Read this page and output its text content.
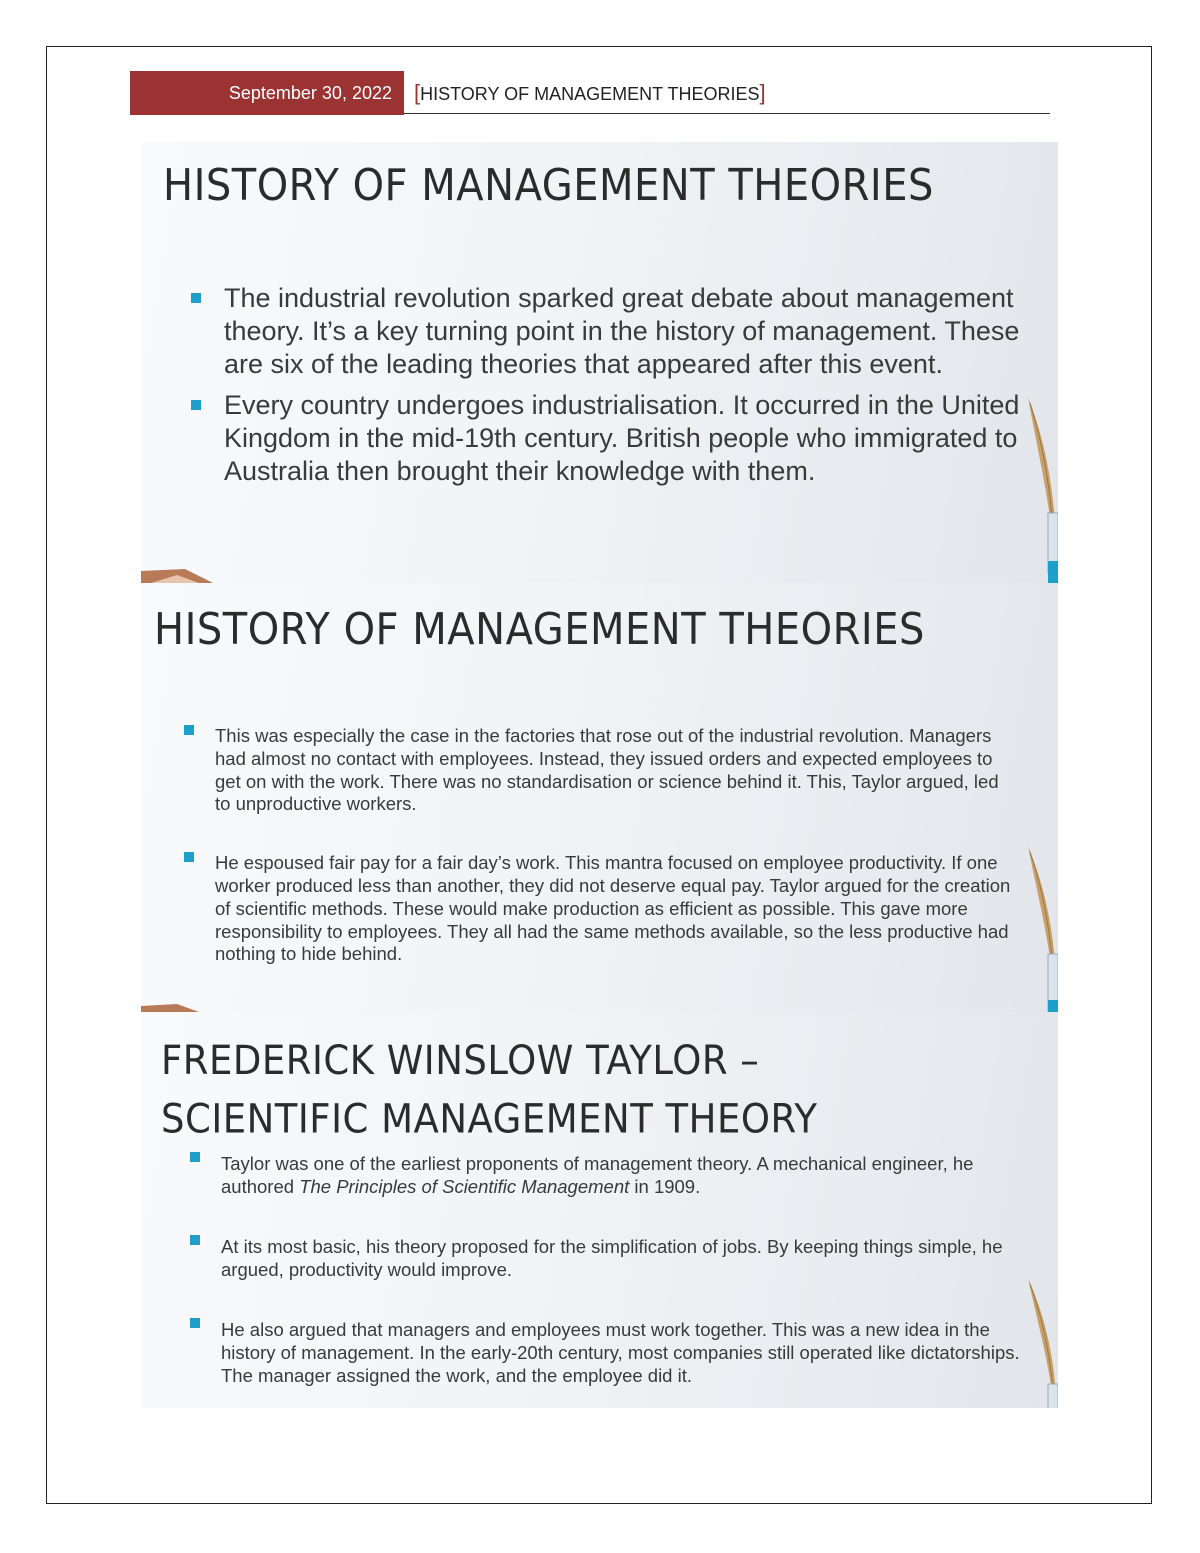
September 30, 2022 [HISTORY OF MANAGEMENT THEORIES]
HISTORY OF MANAGEMENT THEORIES
The industrial revolution sparked great debate about management theory. It’s a key turning point in the history of management. These are six of the leading theories that appeared after this event.
Every country undergoes industrialisation. It occurred in the United Kingdom in the mid-19th century. British people who immigrated to Australia then brought their knowledge with them.
HISTORY OF MANAGEMENT THEORIES
This was especially the case in the factories that rose out of the industrial revolution. Managers had almost no contact with employees. Instead, they issued orders and expected employees to get on with the work. There was no standardisation or science behind it. This, Taylor argued, led to unproductive workers.
He espoused fair pay for a fair day’s work. This mantra focused on employee productivity. If one worker produced less than another, they did not deserve equal pay. Taylor argued for the creation of scientific methods. These would make production as efficient as possible. This gave more responsibility to employees. They all had the same methods available, so the less productive had nothing to hide behind.
FREDERICK WINSLOW TAYLOR –
SCIENTIFIC MANAGEMENT THEORY
Taylor was one of the earliest proponents of management theory. A mechanical engineer, he authored The Principles of Scientific Management in 1909.
At its most basic, his theory proposed for the simplification of jobs. By keeping things simple, he argued, productivity would improve.
He also argued that managers and employees must work together. This was a new idea in the history of management. In the early-20th century, most companies still operated like dictatorships. The manager assigned the work, and the employee did it.
